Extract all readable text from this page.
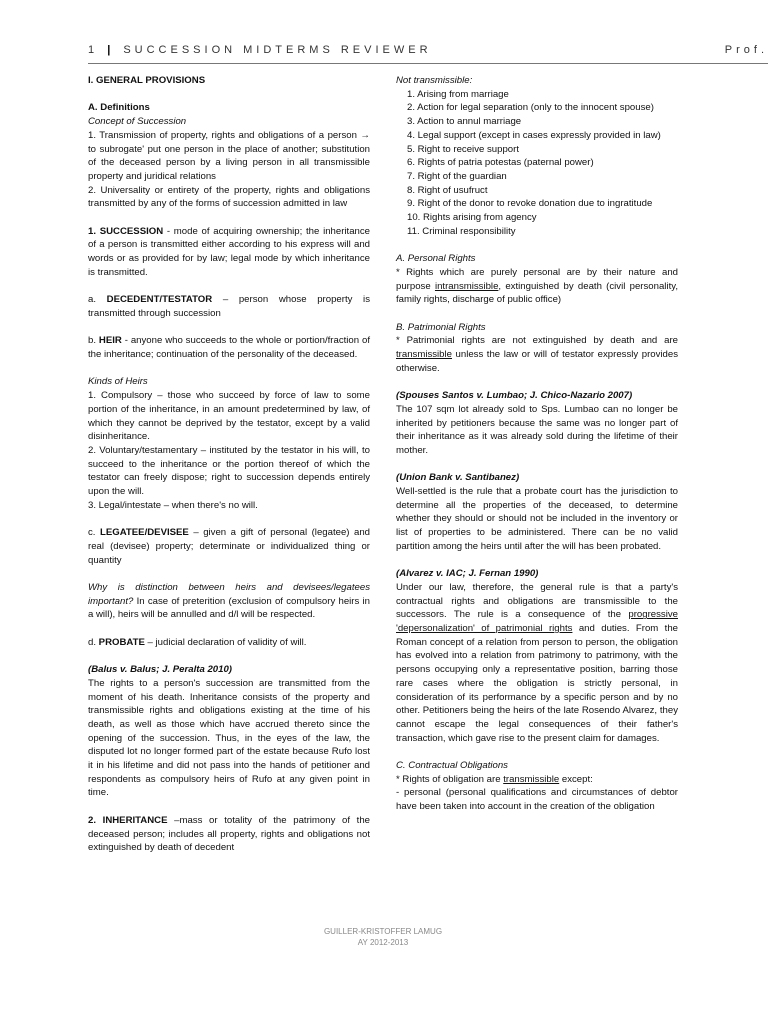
1 | SUCCESSION MIDTERMS REVIEWER	Prof.

I. GENERAL PROVISIONS

A. Definitions

Concept of Succession

1. Transmission of property, rights and obligations of a person → to subrogate' put one person in the place of another; substitution of the deceased person by a living person in all transmissible property and juridical relations

2. Universality or entirety of the property, rights and obligations transmitted by any of the forms of succession admitted in law

1. SUCCESSION - mode of acquiring ownership; the inheritance of a person is transmitted either according to his express will and words or as provided for by law; legal mode by which inheritance is transmitted.

a. DECEDENT/TESTATOR – person whose property is transmitted through succession

b. HEIR - anyone who succeeds to the whole or portion/fraction of the inheritance; continuation of the personality of the deceased.

Kinds of Heirs

1. Compulsory – those who succeed by force of law to some portion of the inheritance, in an amount predetermined by law, of which they cannot be deprived by the testator, except by a valid disinheritance.

2. Voluntary/testamentary – instituted by the testator in his will, to succeed to the inheritance or the portion thereof of which the testator can freely dispose; right to succession depends entirely upon the will.

3. Legal/intestate – when there's no will.

c. LEGATEE/DEVISEE – given a gift of personal (legatee) and real (devisee) property; determinate or individualized thing or quantity

Why is distinction between heirs and devisees/legatees important? In case of preterition (exclusion of compulsory heirs in a will), heirs will be annulled and d/l will be respected.

d. PROBATE – judicial declaration of validity of will.

(Balus v. Balus; J. Peralta 2010)

The rights to a person's succession are transmitted from the moment of his death. Inheritance consists of the property and transmissible rights and obligations existing at the time of his death, as well as those which have accrued thereto since the opening of the succession. Thus, in the eyes of the law, the disputed lot no longer formed part of the estate because Rufo lost it in his lifetime and did not pass into the hands of petitioner and respondents as compulsory heirs of Rufo at any given point in time.

2. INHERITANCE –mass or totality of the patrimony of the deceased person; includes all property, rights and obligations not extinguished by death of decedent

Not transmissible:

1. Arising from marriage

2. Action for legal separation (only to the innocent spouse)

3. Action to annul marriage

4. Legal support (except in cases expressly provided in law)

5. Right to receive support

6. Rights of patria potestas (paternal power)

7. Right of the guardian

8. Right of usufruct

9. Right of the donor to revoke donation due to ingratitude

10. Rights arising from agency

11. Criminal responsibility

A. Personal Rights

* Rights which are purely personal are by their nature and purpose intransmissible, extinguished by death (civil personality, family rights, discharge of public office)

B. Patrimonial Rights

* Patrimonial rights are not extinguished by death and are transmissible unless the law or will of testator expressly provides otherwise.

(Spouses Santos v. Lumbao; J. Chico-Nazario 2007)

The 107 sqm lot already sold to Sps. Lumbao can no longer be inherited by petitioners because the same was no longer part of their inheritance as it was already sold during the lifetime of their mother.

(Union Bank v. Santibanez)

Well-settled is the rule that a probate court has the jurisdiction to determine all the properties of the deceased, to determine whether they should or should not be included in the inventory or list of properties to be administered. There can be no valid partition among the heirs until after the will has been probated.

(Alvarez v. IAC; J. Fernan 1990)

Under our law, therefore, the general rule is that a party's contractual rights and obligations are transmissible to the successors. The rule is a consequence of the progressive 'depersonalization' of patrimonial rights and duties. From the Roman concept of a relation from person to person, the obligation has evolved into a relation from patrimony to patrimony, with the persons occupying only a representative position, barring those rare cases where the obligation is strictly personal, in consideration of its performance by a specific person and by no other. Petitioners being the heirs of the late Rosendo Alvarez, they cannot escape the legal consequences of their father's transaction, which gave rise to the present claim for damages.

C. Contractual Obligations

* Rights of obligation are transmissible except:

- personal (personal qualifications and circumstances of debtor have been taken into account in the creation of the obligation

GUILLER-KRISTOFFER LAMUG
AY 2012-2013
